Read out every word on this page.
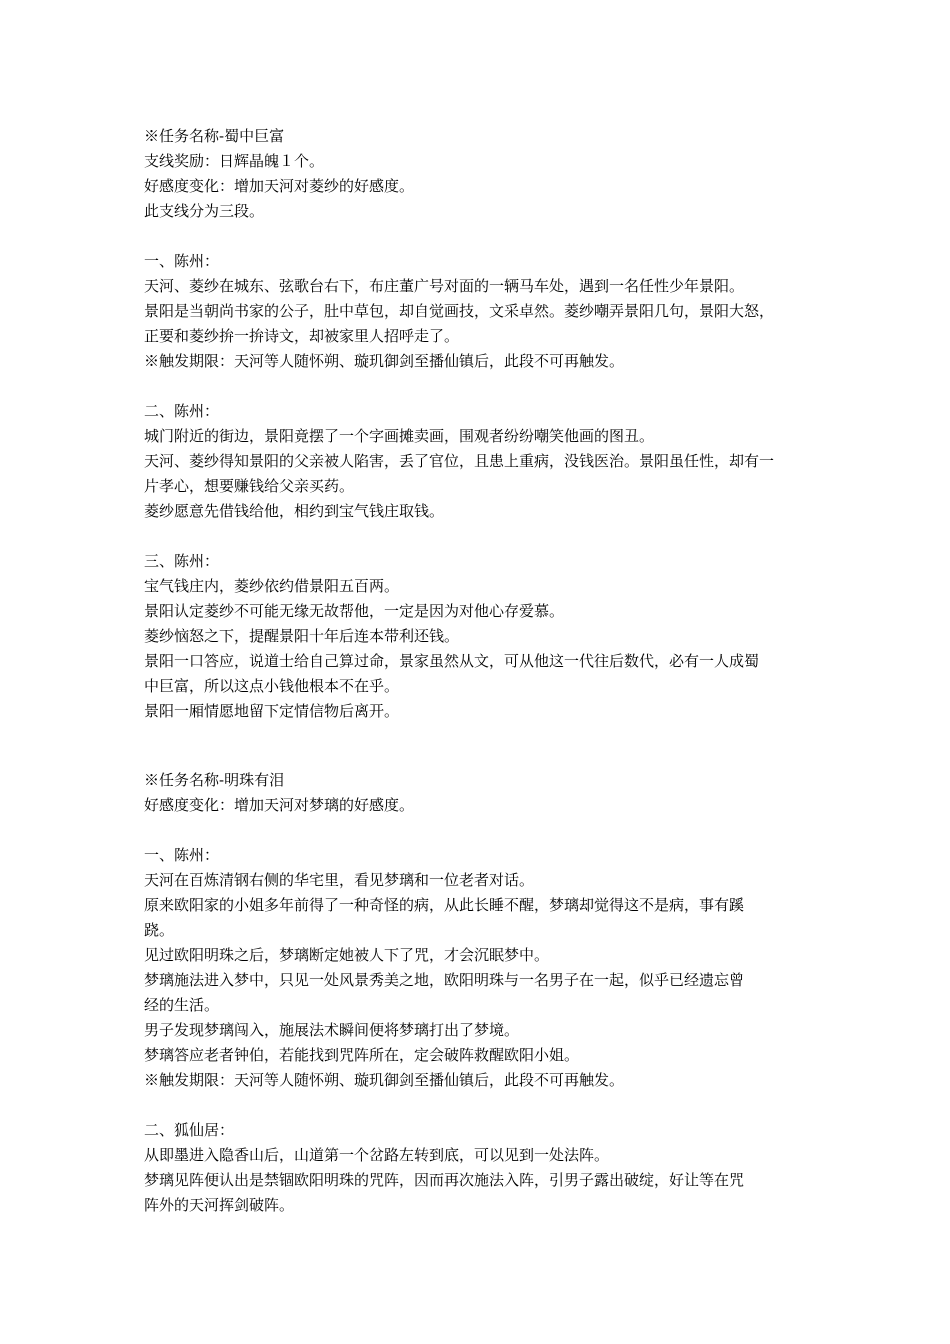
※任务名称-蜀中巨富
支线奖励：日辉晶魄１个。
好感度变化：增加天河对菱纱的好感度。
此支线分为三段。
一、陈州：
天河、菱纱在城东、弦歌台右下，布庄董广号对面的一辆马车处，遇到一名任性少年景阳。
景阳是当朝尚书家的公子，肚中草包，却自觉画技，文采卓然。菱纱嘲弄景阳几句，景阳大怒，
正要和菱纱拚一拚诗文，却被家里人招呼走了。
※触发期限：天河等人随怀朔、璇玑御剑至播仙镇后，此段不可再触发。
二、陈州：
城门附近的街边，景阳竟摆了一个字画摊卖画，围观者纷纷嘲笑他画的图丑。
天河、菱纱得知景阳的父亲被人陷害，丢了官位，且患上重病，没钱医治。景阳虽任性，却有一
片孝心，想要赚钱给父亲买药。
菱纱愿意先借钱给他，相约到宝气钱庄取钱。
三、陈州：
宝气钱庄内，菱纱依约借景阳五百两。
景阳认定菱纱不可能无缘无故帮他，一定是因为对他心存爱慕。
菱纱恼怒之下，提醒景阳十年后连本带利还钱。
景阳一口答应，说道士给自己算过命，景家虽然从文，可从他这一代往后数代，必有一人成蜀
中巨富，所以这点小钱他根本不在乎。
景阳一厢情愿地留下定情信物后离开。
※任务名称-明珠有泪
好感度变化：增加天河对梦璃的好感度。
一、陈州：
天河在百炼清钢右侧的华宅里，看见梦璃和一位老者对话。
原来欧阳家的小姐多年前得了一种奇怪的病，从此长睡不醒，梦璃却觉得这不是病，事有蹊
跷。
见过欧阳明珠之后，梦璃断定她被人下了咒，才会沉眠梦中。
梦璃施法进入梦中，只见一处风景秀美之地，欧阳明珠与一名男子在一起，似乎已经遗忘曾
经的生活。
男子发现梦璃闯入，施展法术瞬间便将梦璃打出了梦境。
梦璃答应老者钟伯，若能找到咒阵所在，定会破阵救醒欧阳小姐。
※触发期限：天河等人随怀朔、璇玑御剑至播仙镇后，此段不可再触发。
二、狐仙居：
从即墨进入隐香山后，山道第一个岔路左转到底，可以见到一处法阵。
梦璃见阵便认出是禁锢欧阳明珠的咒阵，因而再次施法入阵，引男子露出破绽，好让等在咒
阵外的天河挥剑破阵。
